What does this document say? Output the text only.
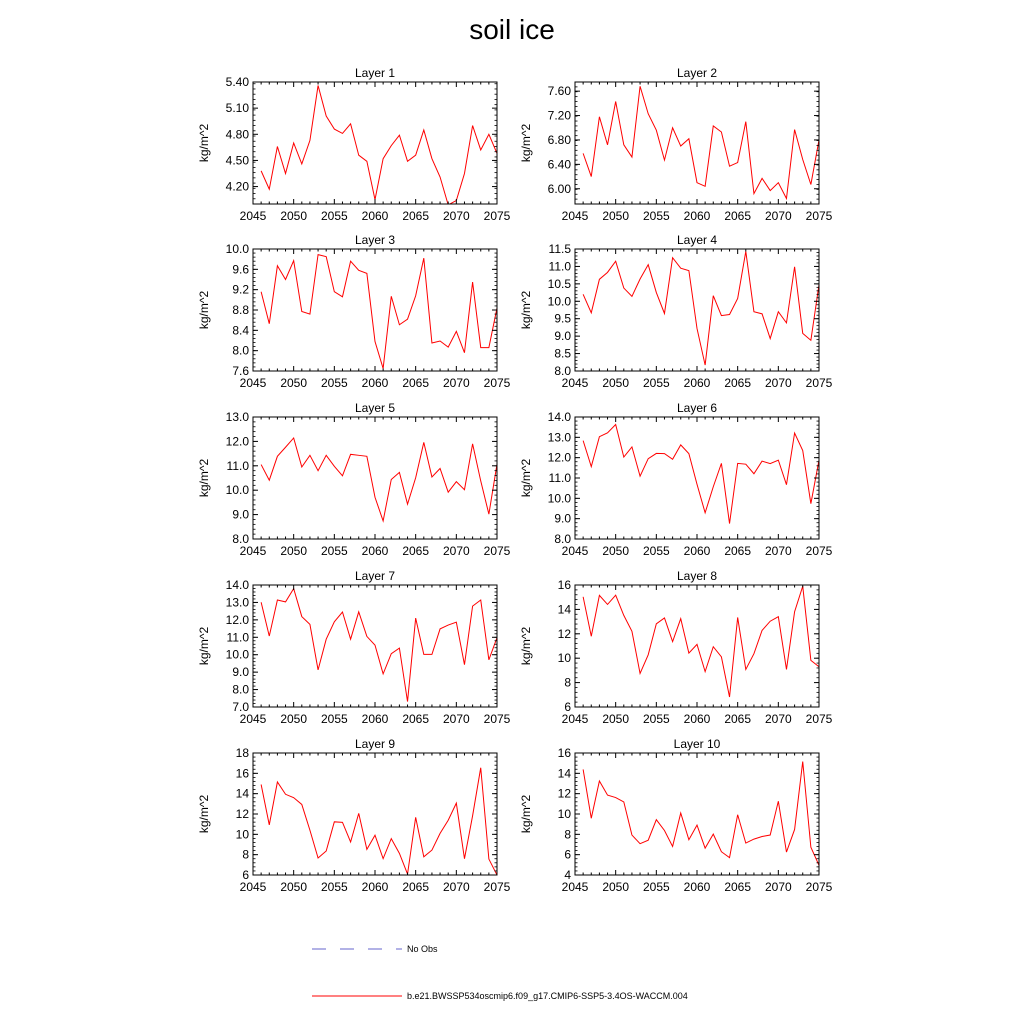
soil ice
Layer 1
kg/m^2
2045 2050 2055 2060 2065 2070 2075
4.20
4.50
4.80
5.10
5.40
Layer 2
kg/m^2
2045 2050 2055 2060 2065 2070 2075
6.00
6.40
6.80
7.20
7.60
Layer 3
kg/m^2
2045 2050 2055 2060 2065 2070 2075
7.6
8.0
8.4
8.8
9.2
9.6
10.0
Layer 4
kg/m^2
2045 2050 2055 2060 2065 2070 2075
8.0
8.5
9.0
9.5
10.0
10.5
11.0
11.5
Layer 5
kg/m^2
2045 2050 2055 2060 2065 2070 2075
8.0
9.0
10.0
11.0
12.0
13.0
Layer 6
kg/m^2
2045 2050 2055 2060 2065 2070 2075
8.0
9.0
10.0
11.0
12.0
13.0
14.0
Layer 7
kg/m^2
2045 2050 2055 2060 2065 2070 2075
7.0
8.0
9.0
10.0
11.0
12.0
13.0
14.0
Layer 8
kg/m^2
2045 2050 2055 2060 2065 2070 2075
6
8
10
12
14
16
Layer 9
kg/m^2
2045 2050 2055 2060 2065 2070 2075
6
8
10
12
14
16
18
Layer 10
kg/m^2
2045 2050 2055 2060 2065 2070 2075
4
6
8
10
12
14
16
No Obs
b.e21.BWSSP534oscmip6.f09_g17.CMIP6-SSP5-3.4OS-WACCM.004
